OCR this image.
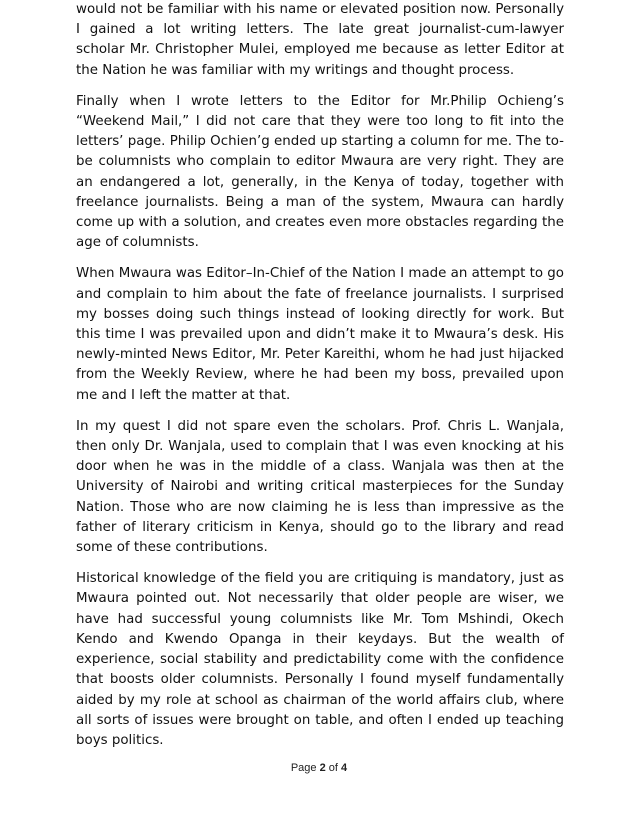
would not be familiar with his name or elevated position now. Personally I gained a lot writing letters. The late great journalist-cum-lawyer scholar Mr. Christopher Mulei, employed me because as letter Editor at the Nation he was familiar with my writings and thought process.

Finally when I wrote letters to the Editor for Mr.Philip Ochieng’s “Weekend Mail,” I did not care that they were too long to fit into the letters’ page. Philip Ochien’g ended up starting a column for me. The to-be columnists who complain to editor Mwaura are very right. They are an endangered a lot, generally, in the Kenya of today, together with freelance journalists. Being a man of the system, Mwaura can hardly come up with a solution, and creates even more obstacles regarding the age of columnists.

When Mwaura was Editor–In-Chief of the Nation I made an attempt to go and complain to him about the fate of freelance journalists. I surprised my bosses doing such things instead of looking directly for work. But this time I was prevailed upon and didn’t make it to Mwaura’s desk. His newly-minted News Editor, Mr. Peter Kareithi, whom he had just hijacked from the Weekly Review, where he had been my boss, prevailed upon me and I left the matter at that.

In my quest I did not spare even the scholars. Prof. Chris L. Wanjala, then only Dr. Wanjala, used to complain that I was even knocking at his door when he was in the middle of a class. Wanjala was then at the University of Nairobi and writing critical masterpieces for the Sunday Nation. Those who are now claiming he is less than impressive as the father of literary criticism in Kenya, should go to the library and read some of these contributions.

Historical knowledge of the field you are critiquing is mandatory, just as Mwaura pointed out. Not necessarily that older people are wiser, we have had successful young columnists like Mr. Tom Mshindi, Okech Kendo and Kwendo Opanga in their keydays. But the wealth of experience, social stability and predictability come with the confidence that boosts older columnists. Personally I found myself fundamentally aided by my role at school as chairman of the world affairs club, where all sorts of issues were brought on table, and often I ended up teaching boys politics.

Page 2 of 4
